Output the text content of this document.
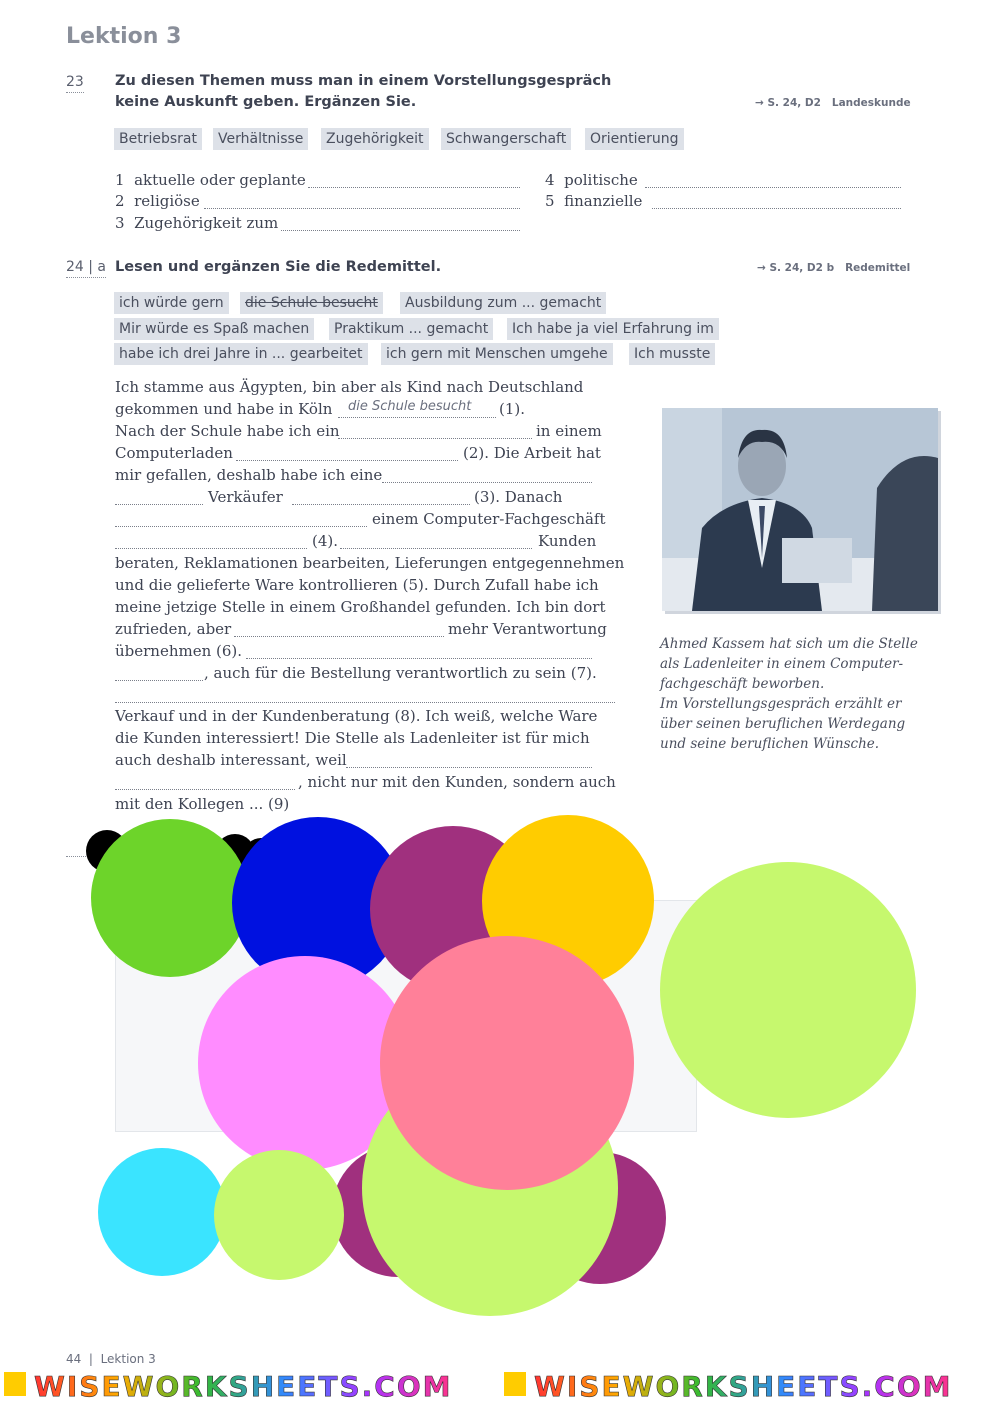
Lektion 3
23 Zu diesen Themen muss man in einem Vorstellungsgespräch
keine Auskunft geben. Ergänzen Sie.	→ S. 24, D2   Landeskunde
Betriebsrat	Verhältnisse	Zugehörigkeit	Schwangerschaft	Orientierung
1 aktuelle oder geplante
2 religiöse
3 Zugehörigkeit zum
4 politische
5 finanzielle
24 | a Lesen und ergänzen Sie die Redemittel.	→ S. 24, D2 b   Redemittel
ich würde gern	die Schule besucht	Ausbildung zum ... gemacht
Mir würde es Spaß machen	Praktikum ... gemacht	Ich habe ja viel Erfahrung im
habe ich drei Jahre in ... gearbeitet	ich gern mit Menschen umgehe	Ich musste
Ich stamme aus Ägypten, bin aber als Kind nach Deutschland
gekommen und habe in Köln die Schule besucht (1).
Nach der Schule habe ich ein	in einem
Computerladen	(2). Die Arbeit hat
mir gefallen, deshalb habe ich eine
Verkäufer	(3). Danach
einem Computer-Fachgeschäft
(4).	Kunden
beraten, Reklamationen bearbeiten, Lieferungen entgegennehmen
und die gelieferte Ware kontrollieren (5). Durch Zufall habe ich
meine jetzige Stelle in einem Großhandel gefunden. Ich bin dort
zufrieden, aber	mehr Verantwortung
übernehmen (6).
, auch für die Bestellung verantwortlich zu sein (7).
Verkauf und in der Kundenberatung (8). Ich weiß, welche Ware
die Kunden interessiert! Die Stelle als Ladenleiter ist für mich
auch deshalb interessant, weil
, nicht nur mit den Kunden, sondern auch
mit den Kollegen ... (9)
Ahmed Kassem hat sich um die Stelle
als Ladenleiter in einem Computer-
fachgeschäft beworben.
Im Vorstellungsgespräch erzählt er
über seinen beruflichen Werdegang
und seine beruflichen Wünsche.
44  |  Lektion 3
WISEWORKSHEETS.COM	WISEWORKSHEETS.COM
